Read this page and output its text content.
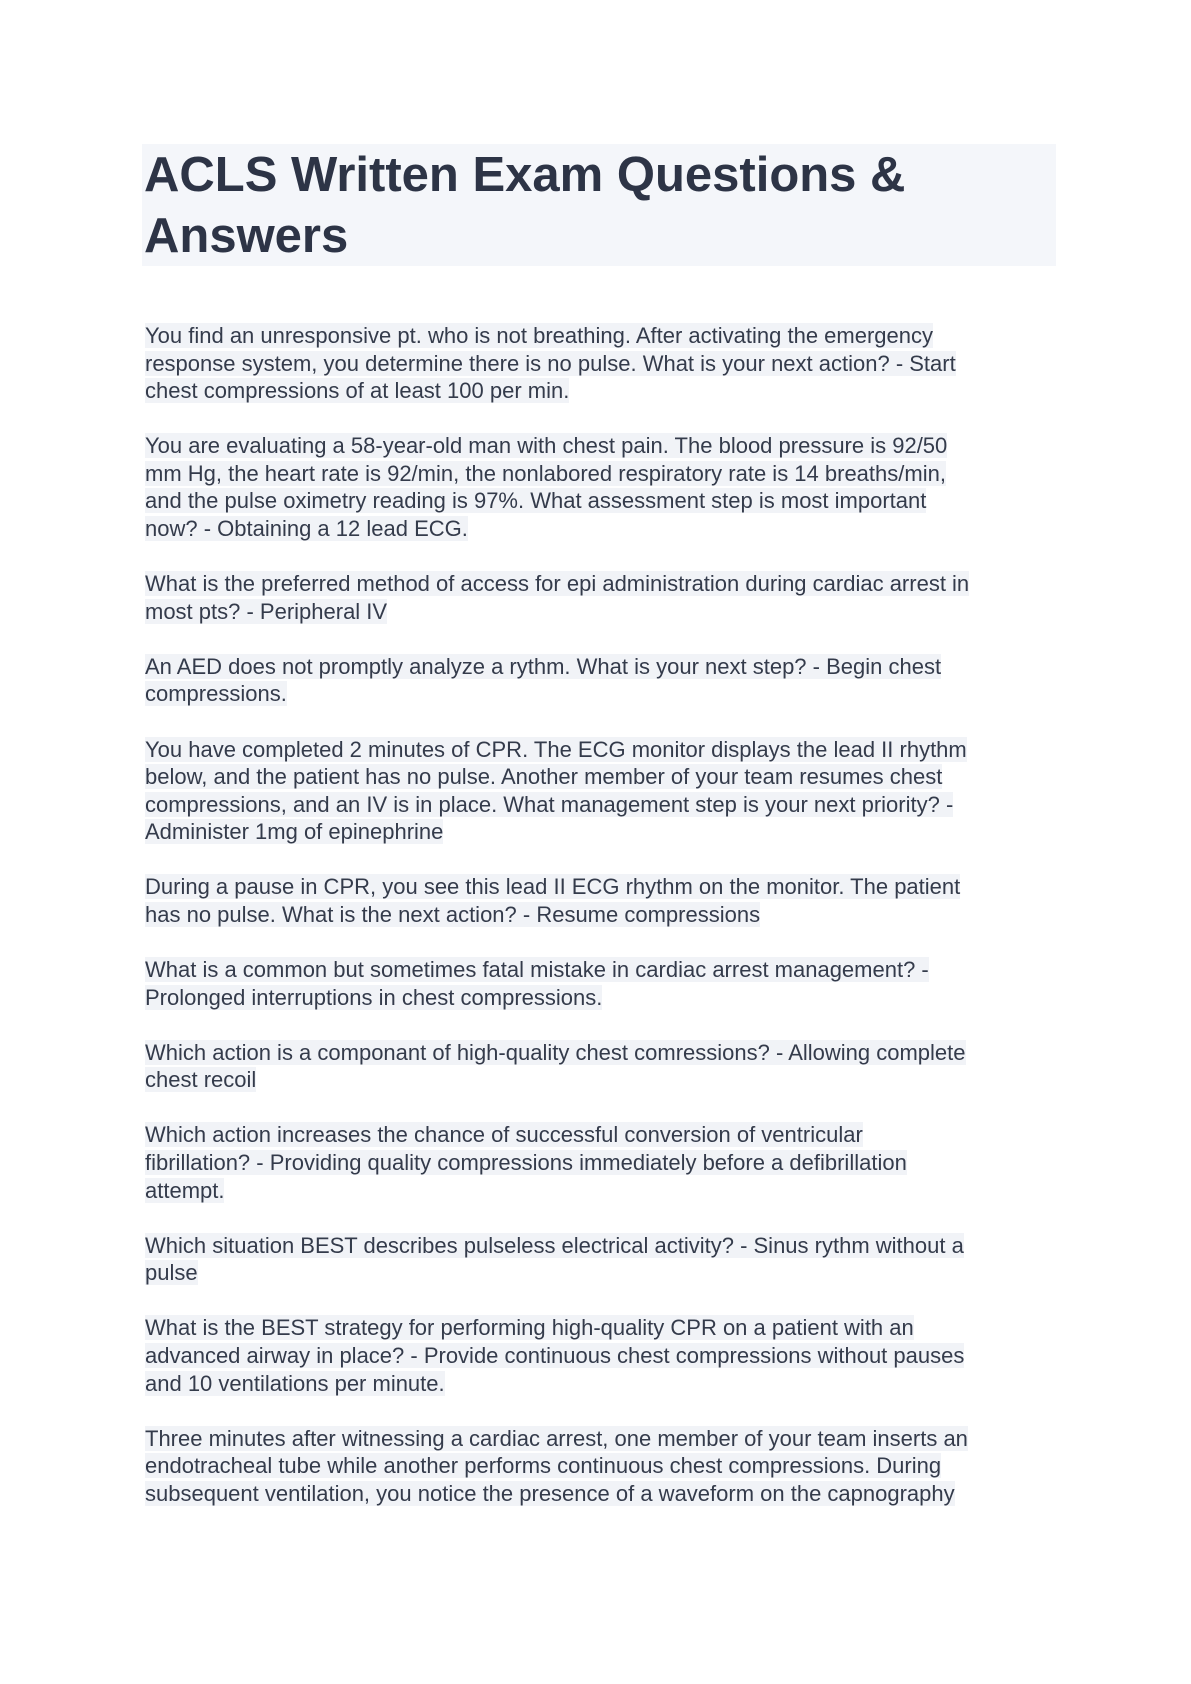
ACLS Written Exam Questions & Answers

You find an unresponsive pt. who is not breathing. After activating the emergency
response system, you determine there is no pulse. What is your next action? - Start
chest compressions of at least 100 per min.

You are evaluating a 58-year-old man with chest pain. The blood pressure is 92/50
mm Hg, the heart rate is 92/min, the nonlabored respiratory rate is 14 breaths/min,
and the pulse oximetry reading is 97%. What assessment step is most important
now? - Obtaining a 12 lead ECG.

What is the preferred method of access for epi administration during cardiac arrest in
most pts? - Peripheral IV

An AED does not promptly analyze a rythm. What is your next step? - Begin chest
compressions.

You have completed 2 minutes of CPR. The ECG monitor displays the lead II rhythm
below, and the patient has no pulse. Another member of your team resumes chest
compressions, and an IV is in place. What management step is your next priority? -
Administer 1mg of epinephrine

During a pause in CPR, you see this lead II ECG rhythm on the monitor. The patient
has no pulse. What is the next action? - Resume compressions

What is a common but sometimes fatal mistake in cardiac arrest management? -
Prolonged interruptions in chest compressions.

Which action is a componant of high-quality chest comressions? - Allowing complete
chest recoil

Which action increases the chance of successful conversion of ventricular
fibrillation? - Providing quality compressions immediately before a defibrillation
attempt.

Which situation BEST describes pulseless electrical activity? - Sinus rythm without a
pulse

What is the BEST strategy for performing high-quality CPR on a patient with an
advanced airway in place? - Provide continuous chest compressions without pauses
and 10 ventilations per minute.

Three minutes after witnessing a cardiac arrest, one member of your team inserts an
endotracheal tube while another performs continuous chest compressions. During
subsequent ventilation, you notice the presence of a waveform on the capnography
